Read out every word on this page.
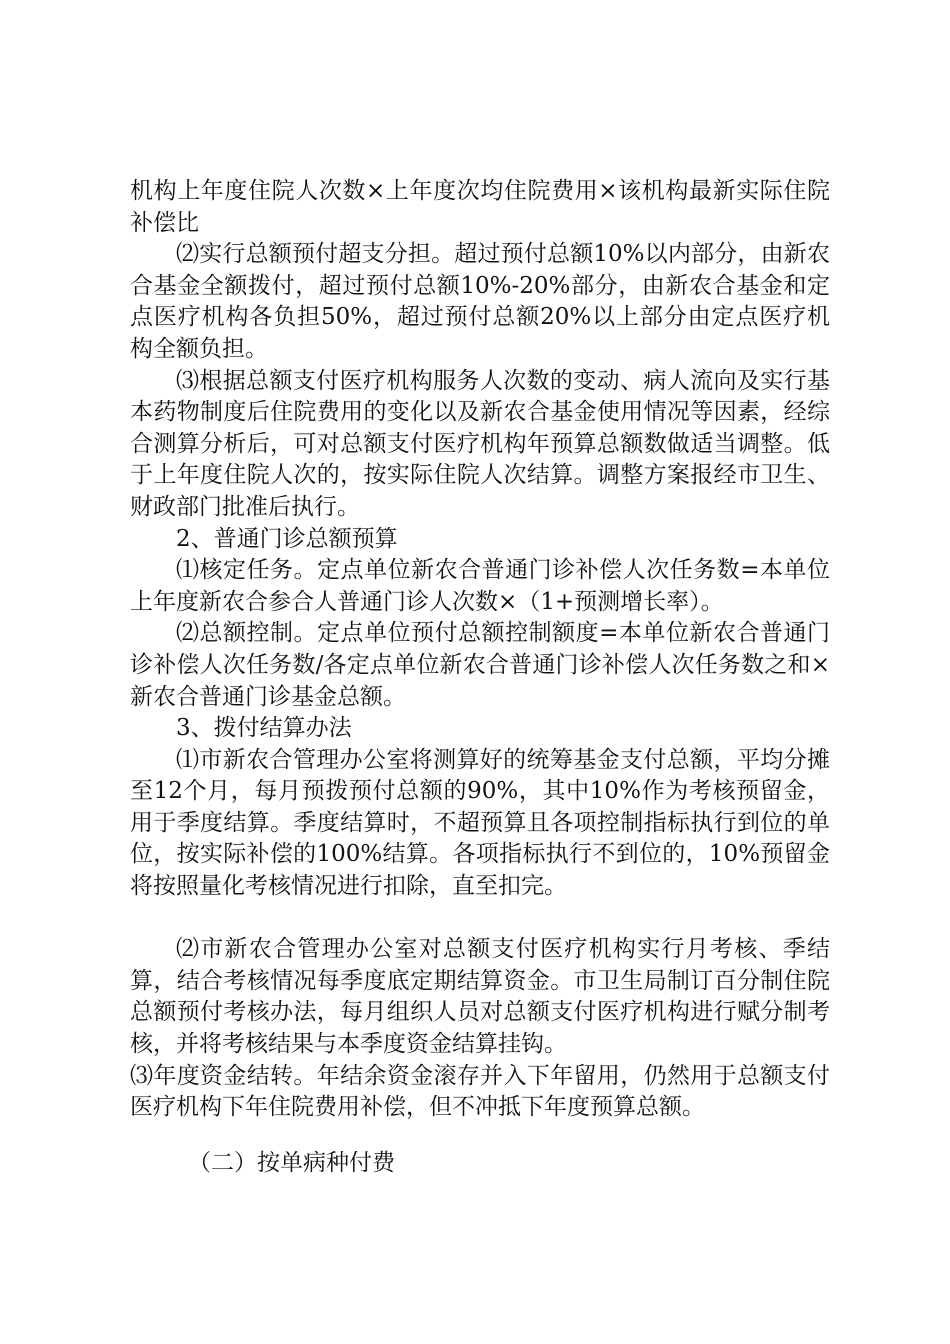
机构上年度住院人次数×上年度次均住院费用×该机构最新实际住院补偿比

⑵实行总额预付超支分担。超过预付总额10%以内部分，由新农合基金全额拨付，超过预付总额10%-20%部分，由新农合基金和定点医疗机构各负担50%，超过预付总额20%以上部分由定点医疗机构全额负担。

⑶根据总额支付医疗机构服务人次数的变动、病人流向及实行基本药物制度后住院费用的变化以及新农合基金使用情况等因素，经综合测算分析后，可对总额支付医疗机构年预算总额数做适当调整。低于上年度住院人次的，按实际住院人次结算。调整方案报经市卫生、财政部门批准后执行。

2、普通门诊总额预算

⑴核定任务。定点单位新农合普通门诊补偿人次任务数=本单位上年度新农合参合人普通门诊人次数×（1+预测增长率）。

⑵总额控制。定点单位预付总额控制额度=本单位新农合普通门诊补偿人次任务数/各定点单位新农合普通门诊补偿人次任务数之和×新农合普通门诊基金总额。

3、拨付结算办法

⑴市新农合管理办公室将测算好的统筹基金支付总额，平均分摊至12个月，每月预拨预付总额的90%，其中10%作为考核预留金，用于季度结算。季度结算时，不超预算且各项控制指标执行到位的单位，按实际补偿的100%结算。各项指标执行不到位的，10%预留金将按照量化考核情况进行扣除，直至扣完。

⑵市新农合管理办公室对总额支付医疗机构实行月考核、季结算，结合考核情况每季度底定期结算资金。市卫生局制订百分制住院总额预付考核办法，每月组织人员对总额支付医疗机构进行赋分制考核，并将考核结果与本季度资金结算挂钩。

⑶年度资金结转。年结余资金滚存并入下年留用，仍然用于总额支付医疗机构下年住院费用补偿，但不冲抵下年度预算总额。

（二）按单病种付费
